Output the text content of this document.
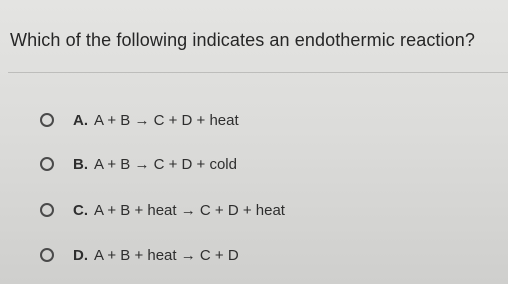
Which of the following indicates an endothermic reaction?
A. A + B → C + D + heat
B. A + B → C + D + cold
C. A + B + heat → C + D + heat
D. A + B + heat → C + D
